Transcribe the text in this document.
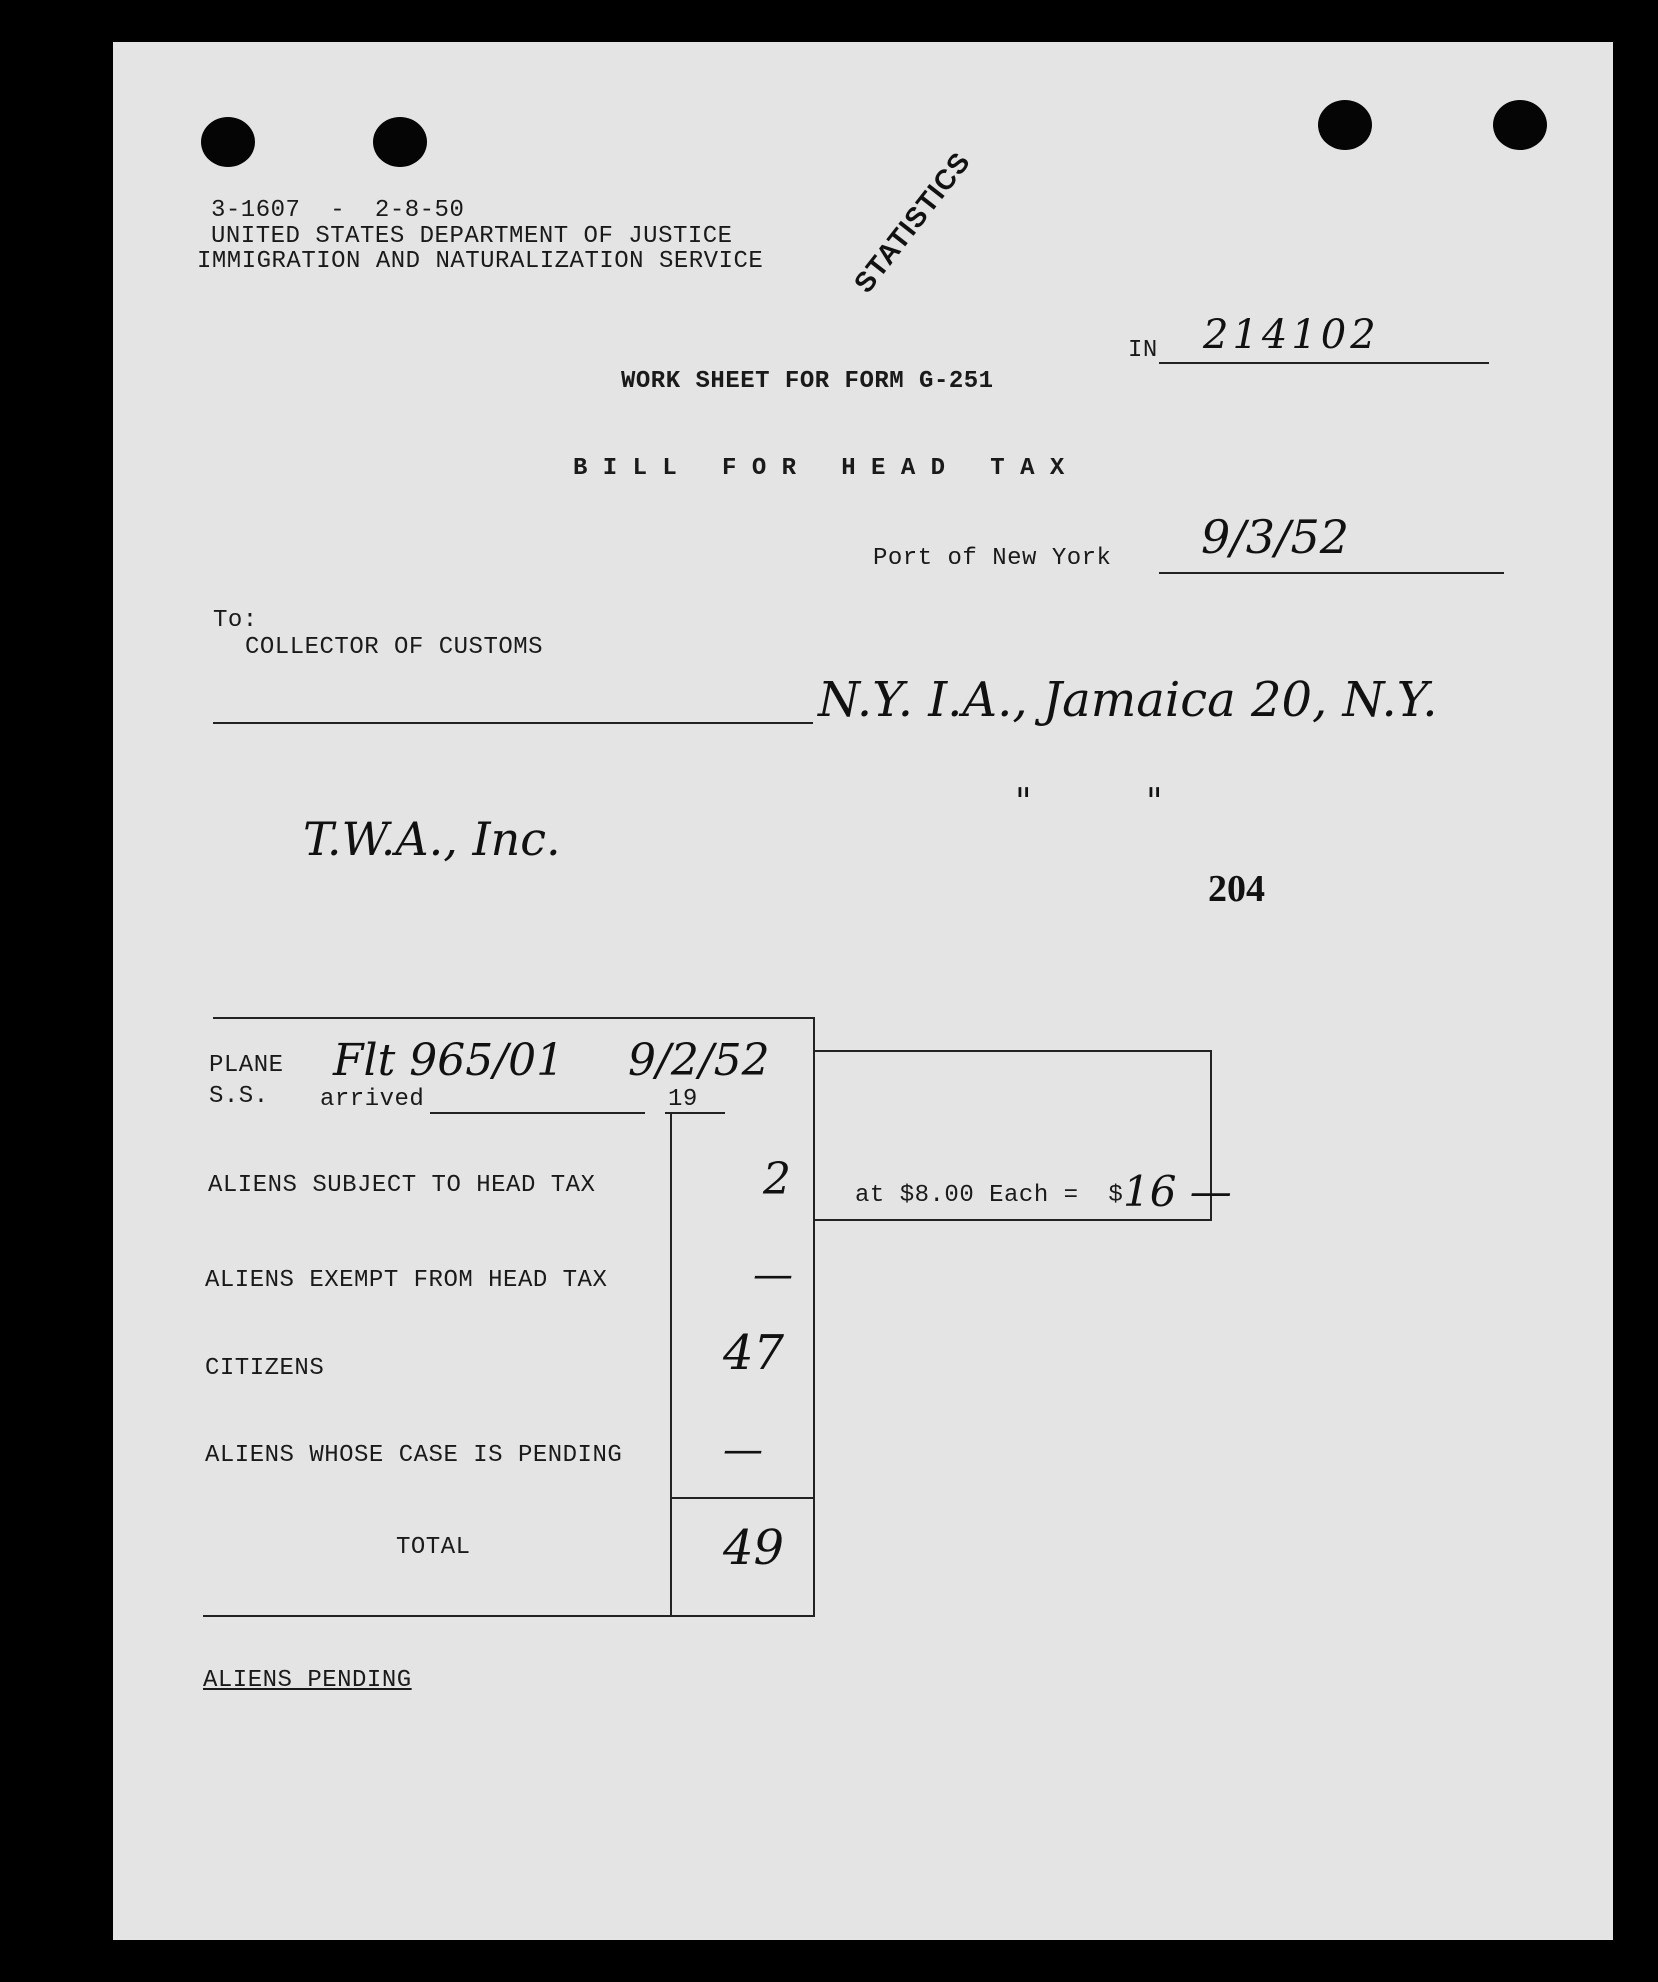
3-1607  -  2-8-50
UNITED STATES DEPARTMENT OF JUSTICE
IMMIGRATION AND NATURALIZATION SERVICE	STATISTICS
IN 214102
WORK SHEET FOR FORM G-251
B I L L   F O R   H E A D   T A X
Port of New York 9/3/52
To:
COLLECTOR OF CUSTOMS
N.Y. I.A., Jamaica 20, N.Y.
"          "
T.W.A., Inc.
204
PLANE
S.S. arrived
Flt 965/01 9/2/52
19
ALIENS SUBJECT TO HEAD TAX	2
ALIENS EXEMPT FROM HEAD TAX	—
CITIZENS	47
ALIENS WHOSE CASE IS PENDING	—
TOTAL	49
at $8.00 Each =  $ 16 —
ALIENS PENDING
